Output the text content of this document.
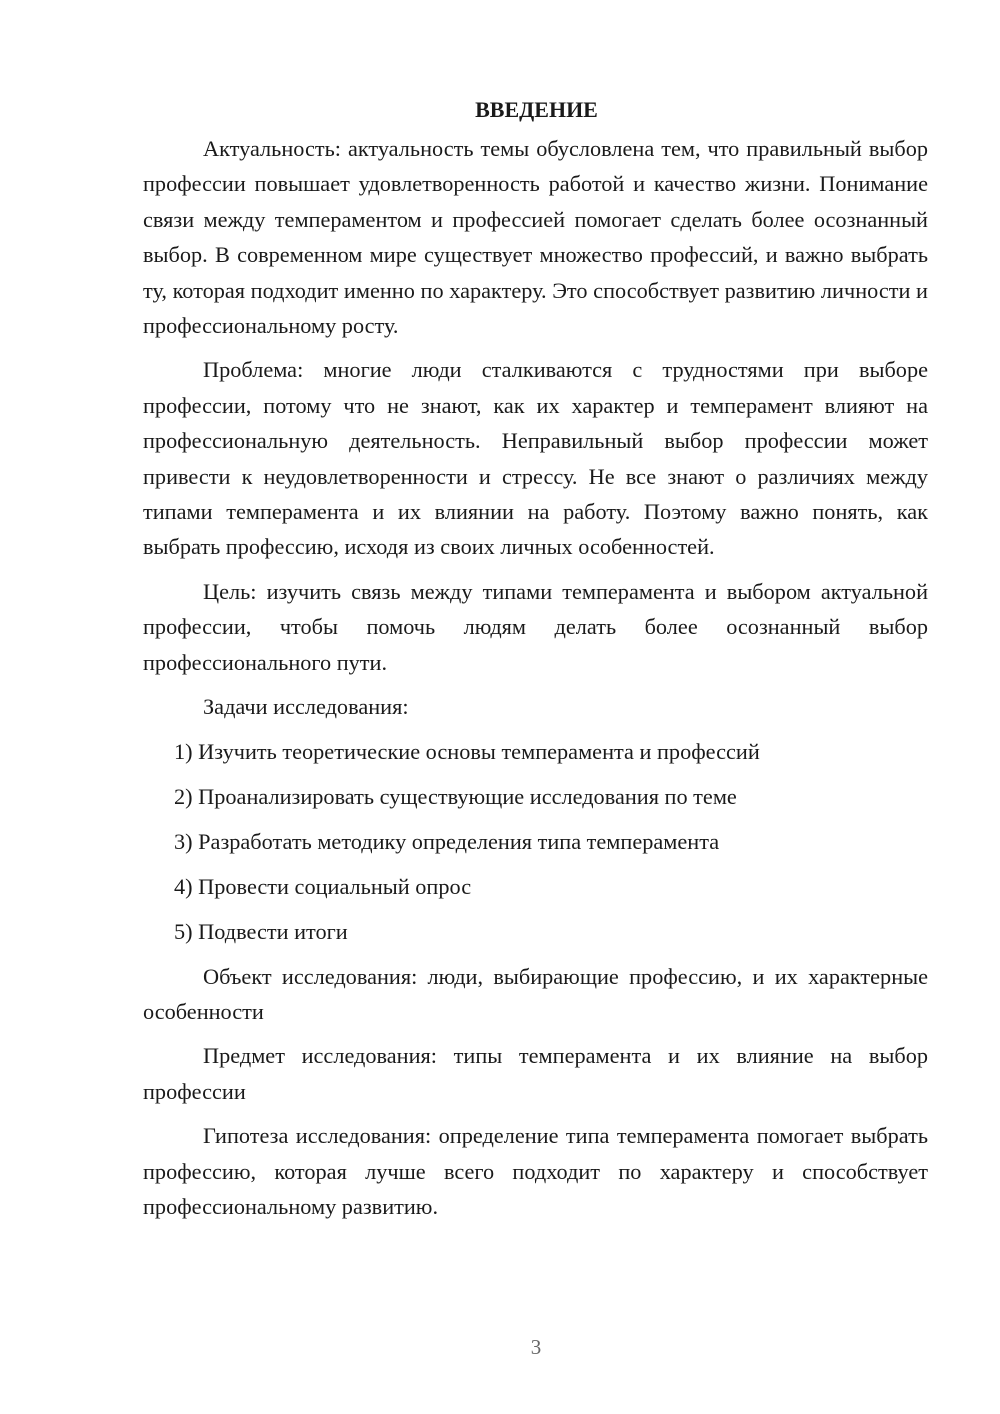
ВВЕДЕНИЕ

Актуальность: актуальность темы обусловлена тем, что правильный выбор профессии повышает удовлетворенность работой и качество жизни. Понимание связи между темпераментом и профессией помогает сделать более осознанный выбор. В современном мире существует множество профессий, и важно выбрать ту, которая подходит именно по характеру. Это способствует развитию личности и профессиональному росту.

Проблема: многие люди сталкиваются с трудностями при выборе профессии, потому что не знают, как их характер и темперамент влияют на профессиональную деятельность. Неправильный выбор профессии может привести к неудовлетворенности и стрессу. Не все знают о различиях между типами темперамента и их влиянии на работу. Поэтому важно понять, как выбрать профессию, исходя из своих личных особенностей.

Цель: изучить связь между типами темперамента и выбором актуальной профессии, чтобы помочь людям делать более осознанный выбор профессионального пути.

Задачи исследования:

1) Изучить теоретические основы темперамента и профессий
2) Проанализировать существующие исследования по теме
3) Разработать методику определения типа темперамента
4) Провести социальный опрос
5) Подвести итоги

Объект исследования: люди, выбирающие профессию, и их характерные особенности

Предмет исследования: типы темперамента и их влияние на выбор профессии

Гипотеза исследования: определение типа темперамента помогает выбрать профессию, которая лучше всего подходит по характеру и способствует профессиональному развитию.

3
